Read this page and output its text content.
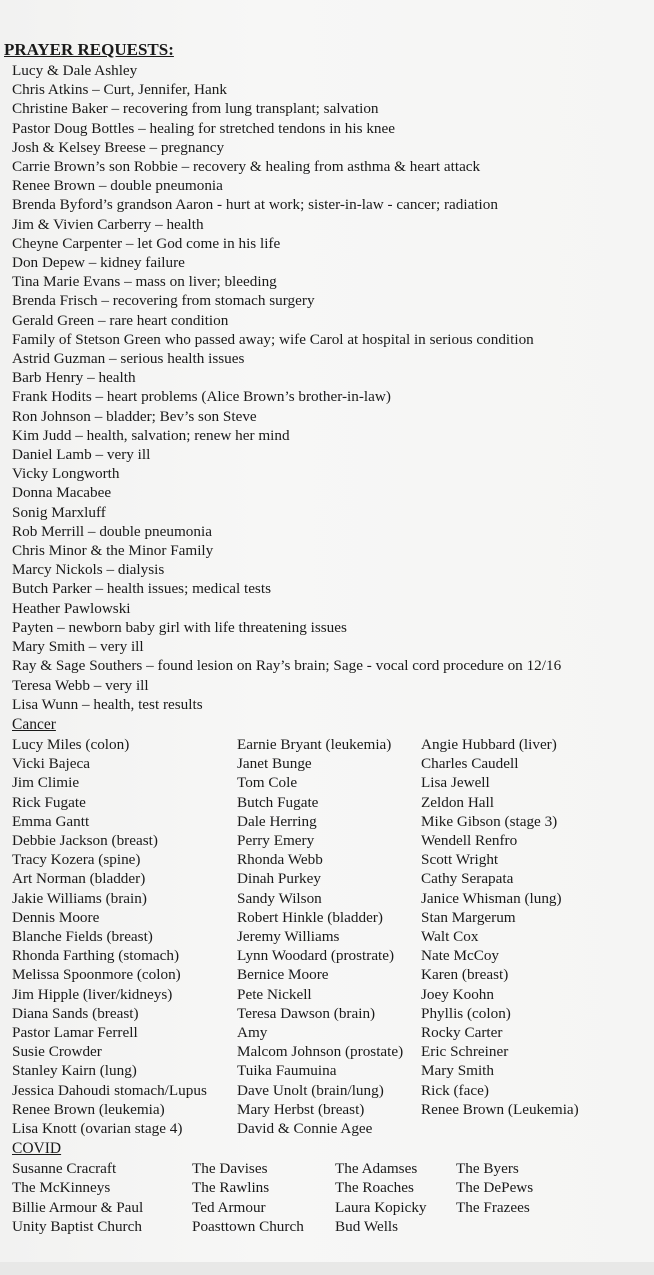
PRAYER REQUESTS:
Lucy & Dale Ashley
Chris Atkins – Curt, Jennifer, Hank
Christine Baker – recovering from lung transplant; salvation
Pastor Doug Bottles – healing for stretched tendons in his knee
Josh & Kelsey Breese – pregnancy
Carrie Brown’s son Robbie – recovery & healing from asthma & heart attack
Renee Brown – double pneumonia
Brenda Byford’s grandson Aaron - hurt at work; sister-in-law - cancer; radiation
Jim & Vivien Carberry – health
Cheyne Carpenter – let God come in his life
Don Depew – kidney failure
Tina Marie Evans – mass on liver; bleeding
Brenda Frisch – recovering from stomach surgery
Gerald Green – rare heart condition
Family of Stetson Green who passed away; wife Carol at hospital in serious condition
Astrid Guzman – serious health issues
Barb Henry – health
Frank Hodits – heart problems (Alice Brown’s brother-in-law)
Ron Johnson – bladder; Bev’s son Steve
Kim Judd – health, salvation; renew her mind
Daniel Lamb – very ill
Vicky Longworth
Donna Macabee
Sonig Marxluff
Rob Merrill – double pneumonia
Chris Minor & the Minor Family
Marcy Nickols – dialysis
Butch Parker – health issues; medical tests
Heather Pawlowski
Payten – newborn baby girl with life threatening issues
Mary Smith – very ill
Ray & Sage Southers – found lesion on Ray’s brain; Sage - vocal cord procedure on 12/16
Teresa Webb – very ill
Lisa Wunn – health, test results
Cancer
Lucy Miles (colon)	Earnie Bryant (leukemia)	Angie Hubbard (liver)
Vicki Bajeca	Janet Bunge	Charles Caudell
Jim Climie	Tom Cole	Lisa Jewell
Rick Fugate	Butch Fugate	Zeldon Hall
Emma Gantt	Dale Herring	Mike Gibson (stage 3)
Debbie Jackson (breast)	Perry Emery	Wendell Renfro
Tracy Kozera (spine)	Rhonda Webb	Scott Wright
Art Norman (bladder)	Dinah Purkey	Cathy Serapata
Jakie Williams (brain)	Sandy Wilson	Janice Whisman (lung)
Dennis Moore	Robert Hinkle (bladder)	Stan Margerum
Blanche Fields (breast)	Jeremy Williams	Walt Cox
Rhonda Farthing (stomach)	Lynn Woodard (prostrate)	Nate McCoy
Melissa Spoonmore (colon)	Bernice Moore	Karen (breast)
Jim Hipple (liver/kidneys)	Pete Nickell	Joey Koohn
Diana Sands (breast)	Teresa Dawson (brain)	Phyllis (colon)
Pastor Lamar Ferrell	Amy	Rocky Carter
Susie Crowder	Malcom Johnson (prostate)	Eric Schreiner
Stanley Kairn (lung)	Tuika Faumuina	Mary Smith
Jessica Dahoudi stomach/Lupus	Dave Unolt (brain/lung)	Rick (face)
Renee Brown (leukemia)	Mary Herbst (breast)	Renee Brown (Leukemia)
Lisa Knott (ovarian stage 4)	David & Connie Agee
COVID
Susanne Cracraft	The Davises	The Adamses	The Byers
The McKinneys	The Rawlins	The Roaches	The DePews
Billie Armour & Paul	Ted Armour	Laura Kopicky	The Frazees
Unity Baptist Church	Poasttown Church	Bud Wells
